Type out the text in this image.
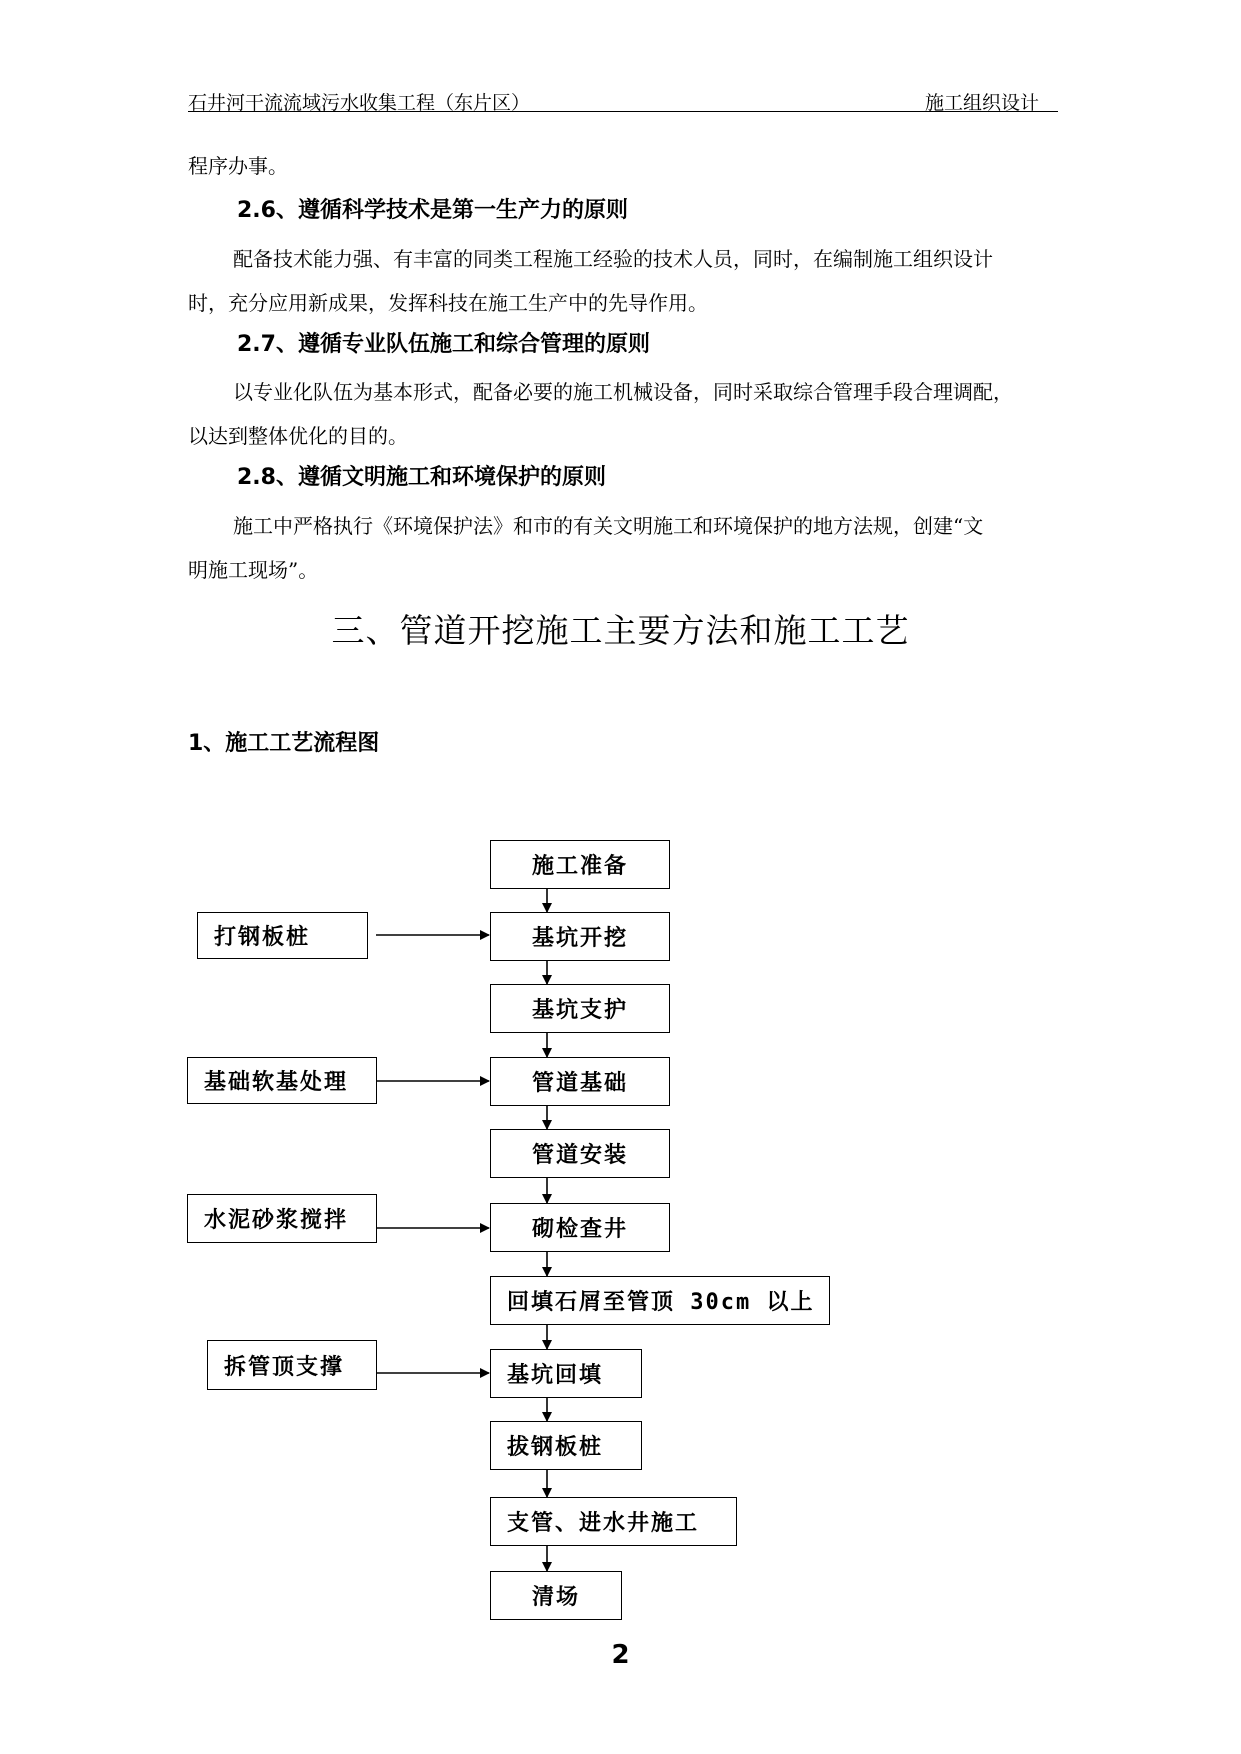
石井河干流流域污水收集工程（东片区）	施工组织设计
程序办事。
2.6、遵循科学技术是第一生产力的原则
配备技术能力强、有丰富的同类工程施工经验的技术人员，同时，在编制施工组织设计
时，充分应用新成果，发挥科技在施工生产中的先导作用。
2.7、遵循专业队伍施工和综合管理的原则
以专业化队伍为基本形式，配备必要的施工机械设备，同时采取综合管理手段合理调配，
以达到整体优化的目的。
2.8、遵循文明施工和环境保护的原则
施工中严格执行《环境保护法》和市的有关文明施工和环境保护的地方法规，创建“文
明施工现场”。
三、管道开挖施工主要方法和施工工艺
1、施工工艺流程图
施工准备
基坑开挖
基坑支护
管道基础
管道安装
砌检查井
回填石屑至管顶 30cm 以上
基坑回填
拔钢板桩
支管、进水井施工
清场
打钢板桩
基础软基处理
水泥砂浆搅拌
拆管顶支撑
2
